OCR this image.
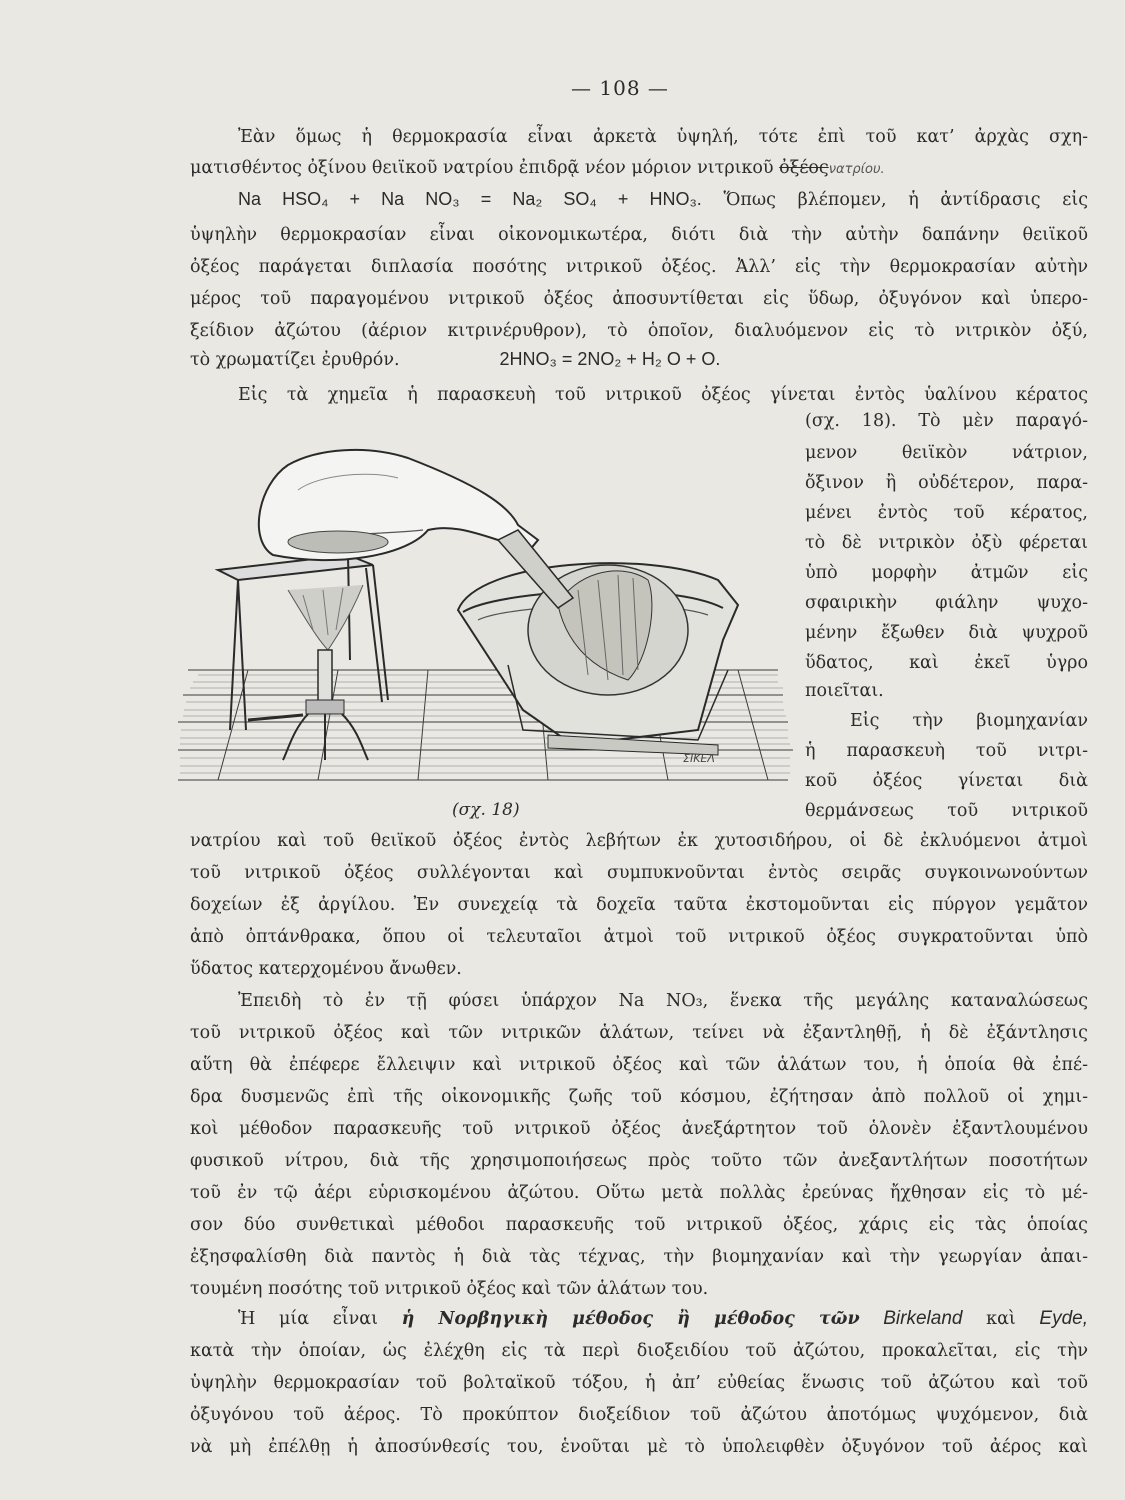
— 108 —
Ἐὰν ὅμως ἡ θερμοκρασία εἶναι ἀρκετὰ ὑψηλή, τότε ἐπὶ τοῦ κατ’ ἀρχὰς σχη-
ματισθέντος ὀξίνου θειϊκοῦ νατρίου ἐπιδρᾷ νέον μόριον νιτρικοῦ ὀξέοςνατρίου.
Na HSO₄ + Na NO₃ = Na₂ SO₄ + HNO₃. Ὅπως βλέπομεν, ἡ ἀντίδρασις εἰς
ὑψηλὴν θερμοκρασίαν εἶναι οἰκονομικωτέρα, διότι διὰ τὴν αὐτὴν δαπάνην θειϊκοῦ
ὀξέος παράγεται διπλασία ποσότης νιτρικοῦ ὀξέος. Ἀλλ’ εἰς τὴν θερμοκρασίαν αὐτὴν
μέρος τοῦ παραγομένου νιτρικοῦ ὀξέος ἀποσυντίθεται εἰς ὕδωρ, ὀξυγόνον καὶ ὑπερο-
ξείδιον ἀζώτου (ἀέριον κιτρινέρυθρον), τὸ ὁποῖον, διαλυόμενον εἰς τὸ νιτρικὸν ὀξύ,
τὸ χρωματίζει ἐρυθρόν.	2HNO₃ = 2NO₂ + H₂ O + O.
Εἰς τὰ χημεῖα ἡ παρασκευὴ τοῦ νιτρικοῦ ὀξέος γίνεται ἐντὸς ὑαλίνου κέρατος
(σχ. 18). Τὸ μὲν παραγό-
μενον θειϊκὸν νάτριον,
ὄξινον ἢ οὐδέτερον, παρα-
μένει ἐντὸς τοῦ κέρατος,
τὸ δὲ νιτρικὸν ὀξὺ φέρεται
ὑπὸ μορφὴν ἀτμῶν εἰς
σφαιρικὴν φιάλην ψυχο-
μένην ἔξωθεν διὰ ψυχροῦ
ὕδατος, καὶ ἐκεῖ ὑγρο
ποιεῖται.
Εἰς τὴν βιομηχανίαν
ἡ παρασκευὴ τοῦ νιτρι-
κοῦ ὀξέος γίνεται διὰ
θερμάνσεως τοῦ νιτρικοῦ
ΣΙΚΕΛ
(σχ. 18)
νατρίου καὶ τοῦ θειϊκοῦ ὀξέος ἐντὸς λεβήτων ἐκ χυτοσιδήρου, οἱ δὲ ἐκλυόμενοι ἀτμοὶ
τοῦ νιτρικοῦ ὀξέος συλλέγονται καὶ συμπυκνοῦνται ἐντὸς σειρᾶς συγκοινωνούντων
δοχείων ἐξ ἀργίλου. Ἐν συνεχείᾳ τὰ δοχεῖα ταῦτα ἐκστομοῦνται εἰς πύργον γεμᾶτον
ἀπὸ ὀπτάνθρακα, ὅπου οἱ τελευταῖοι ἀτμοὶ τοῦ νιτρικοῦ ὀξέος συγκρατοῦνται ὑπὸ
ὕδατος κατερχομένου ἄνωθεν.
Ἐπειδὴ τὸ ἐν τῇ φύσει ὑπάρχον Na NO₃, ἕνεκα τῆς μεγάλης καταναλώσεως
τοῦ νιτρικοῦ ὀξέος καὶ τῶν νιτρικῶν ἁλάτων, τείνει νὰ ἐξαντληθῇ, ἡ δὲ ἐξάντλησις
αὕτη θὰ ἐπέφερε ἔλλειψιν καὶ νιτρικοῦ ὀξέος καὶ τῶν ἁλάτων του, ἡ ὁποία θὰ ἐπέ-
δρα δυσμενῶς ἐπὶ τῆς οἰκονομικῆς ζωῆς τοῦ κόσμου, ἐζήτησαν ἀπὸ πολλοῦ οἱ χημι-
κοὶ μέθοδον παρασκευῆς τοῦ νιτρικοῦ ὀξέος ἀνεξάρτητον τοῦ ὁλονὲν ἐξαντλουμένου
φυσικοῦ νίτρου, διὰ τῆς χρησιμοποιήσεως πρὸς τοῦτο τῶν ἀνεξαντλήτων ποσοτήτων
τοῦ ἐν τῷ ἀέρι εὑρισκομένου ἀζώτου. Οὕτω μετὰ πολλὰς ἐρεύνας ἤχθησαν εἰς τὸ μέ-
σον δύο συνθετικαὶ μέθοδοι παρασκευῆς τοῦ νιτρικοῦ ὀξέος, χάρις εἰς τὰς ὁποίας
ἐξησφαλίσθη διὰ παντὸς ἡ διὰ τὰς τέχνας, τὴν βιομηχανίαν καὶ τὴν γεωργίαν ἀπαι-
τουμένη ποσότης τοῦ νιτρικοῦ ὀξέος καὶ τῶν ἁλάτων του.
Ἡ μία εἶναι ἡ Νορβηγικὴ μέθοδος ἢ μέθοδος τῶν Birkeland καὶ Eyde,
κατὰ τὴν ὁποίαν, ὡς ἐλέχθη εἰς τὰ περὶ διοξειδίου τοῦ ἀζώτου, προκαλεῖται, εἰς τὴν
ὑψηλὴν θερμοκρασίαν τοῦ βολταϊκοῦ τόξου, ἡ ἀπ’ εὐθείας ἕνωσις τοῦ ἀζώτου καὶ τοῦ
ὀξυγόνου τοῦ ἀέρος. Τὸ προκύπτον διοξείδιον τοῦ ἀζώτου ἀποτόμως ψυχόμενον, διὰ
νὰ μὴ ἐπέλθῃ ἡ ἀποσύνθεσίς του, ἑνοῦται μὲ τὸ ὑπολειφθὲν ὀξυγόνον τοῦ ἀέρος καὶ
